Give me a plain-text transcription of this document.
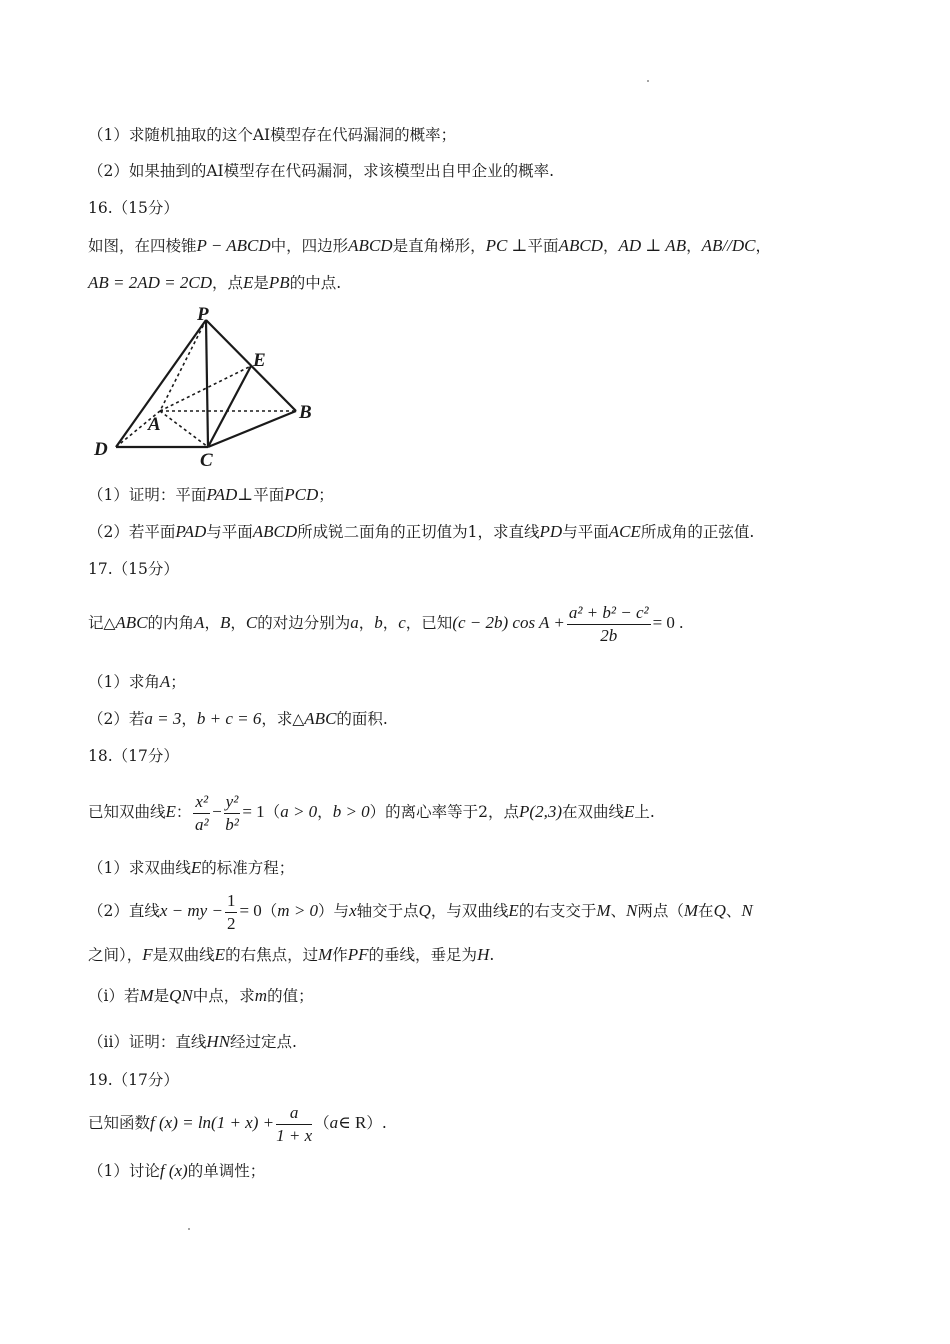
（1）求随机抽取的这个AI模型存在代码漏洞的概率；
（2）如果抽到的AI模型存在代码漏洞，求该模型出自甲企业的概率.
16.（15分）
如图，在四棱锥P − ABCD中，四边形ABCD是直角梯形，PC ⊥平面ABCD，AD ⊥ AB，AB//DC，
AB = 2AD = 2CD，点E是PB的中点.
P
E
A
B
D
C
（1）证明：平面PAD⊥平面PCD；
（2）若平面PAD与平面ABCD所成锐二面角的正切值为1，求直线PD与平面ACE所成角的正弦值.
17.（15分）
记△ABC的内角A，B，C的对边分别为a，b，c，已知(c − 2b) $\cos A + \frac{\text{a² + b² − c²}}{2b} = 0$ .
（1）求角A；
（2）若a = 3，b + c = 6，求△ABC的面积.
18.（17分）
已知双曲线E： $\frac{\text{x²}}{\text{a²}} - \frac{\text{y²}}{\text{b²}} = 1(a > 0$，b > 0）的离心率等于2，点P(2,3)在双曲线E上.
（1）求双曲线E的标准方程；
（2）直线x − my − $\frac{1}{2} = 0(m > 0)$与x轴交于点Q，与双曲线E的右支交于M、N两点（M在Q、N
之间），F是双曲线E的右焦点，过M作PF的垂线，垂足为H.
（i）若M是QN中点，求m的值；
（ii）证明：直线HN经过定点.
19.（17分）
已知函数f $(x) = \ln(1 + x) + \frac{a}{1 + x}$ （a∈ R）.
（1）讨论f (x)的单调性；
